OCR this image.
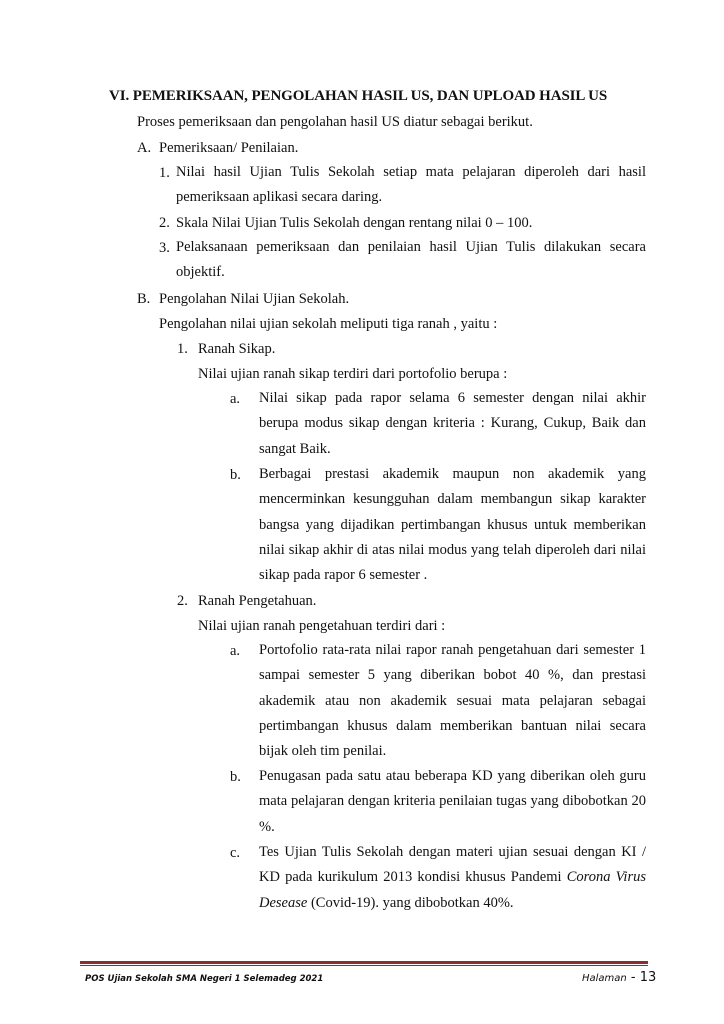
VI. PEMERIKSAAN, PENGOLAHAN HASIL US, DAN UPLOAD HASIL US
Proses pemeriksaan dan pengolahan hasil US diatur sebagai berikut.
A. Pemeriksaan/ Penilaian.
1. Nilai hasil Ujian Tulis Sekolah setiap mata pelajaran diperoleh dari hasil pemeriksaan aplikasi secara daring.
2. Skala Nilai Ujian Tulis Sekolah dengan rentang nilai 0 – 100.
3. Pelaksanaan pemeriksaan dan penilaian hasil Ujian Tulis dilakukan secara objektif.
B. Pengolahan Nilai Ujian Sekolah.
Pengolahan nilai ujian sekolah meliputi tiga ranah , yaitu :
1. Ranah Sikap.
Nilai ujian ranah sikap terdiri dari portofolio berupa :
a. Nilai sikap pada rapor selama 6 semester dengan nilai akhir berupa modus sikap dengan kriteria : Kurang, Cukup, Baik dan sangat Baik.
b. Berbagai prestasi akademik maupun non akademik yang mencerminkan kesungguhan dalam membangun sikap karakter bangsa yang dijadikan pertimbangan khusus untuk memberikan nilai sikap akhir di atas nilai modus yang telah diperoleh dari nilai sikap pada rapor 6 semester .
2. Ranah Pengetahuan.
Nilai ujian ranah pengetahuan terdiri dari :
a. Portofolio rata-rata nilai rapor ranah pengetahuan dari semester 1 sampai semester 5 yang diberikan bobot 40 %, dan prestasi akademik atau non akademik sesuai mata pelajaran sebagai pertimbangan khusus dalam memberikan bantuan nilai secara bijak oleh tim penilai.
b. Penugasan pada satu atau beberapa KD yang diberikan oleh guru mata pelajaran dengan kriteria penilaian tugas yang dibobotkan 20 %.
c. Tes Ujian Tulis Sekolah dengan materi ujian sesuai dengan KI / KD pada kurikulum 2013 kondisi khusus Pandemi Corona Virus Desease (Covid-19). yang dibobotkan 40%.
POS Ujian Sekolah SMA Negeri 1 Selemadeg 2021	Halaman - 13
